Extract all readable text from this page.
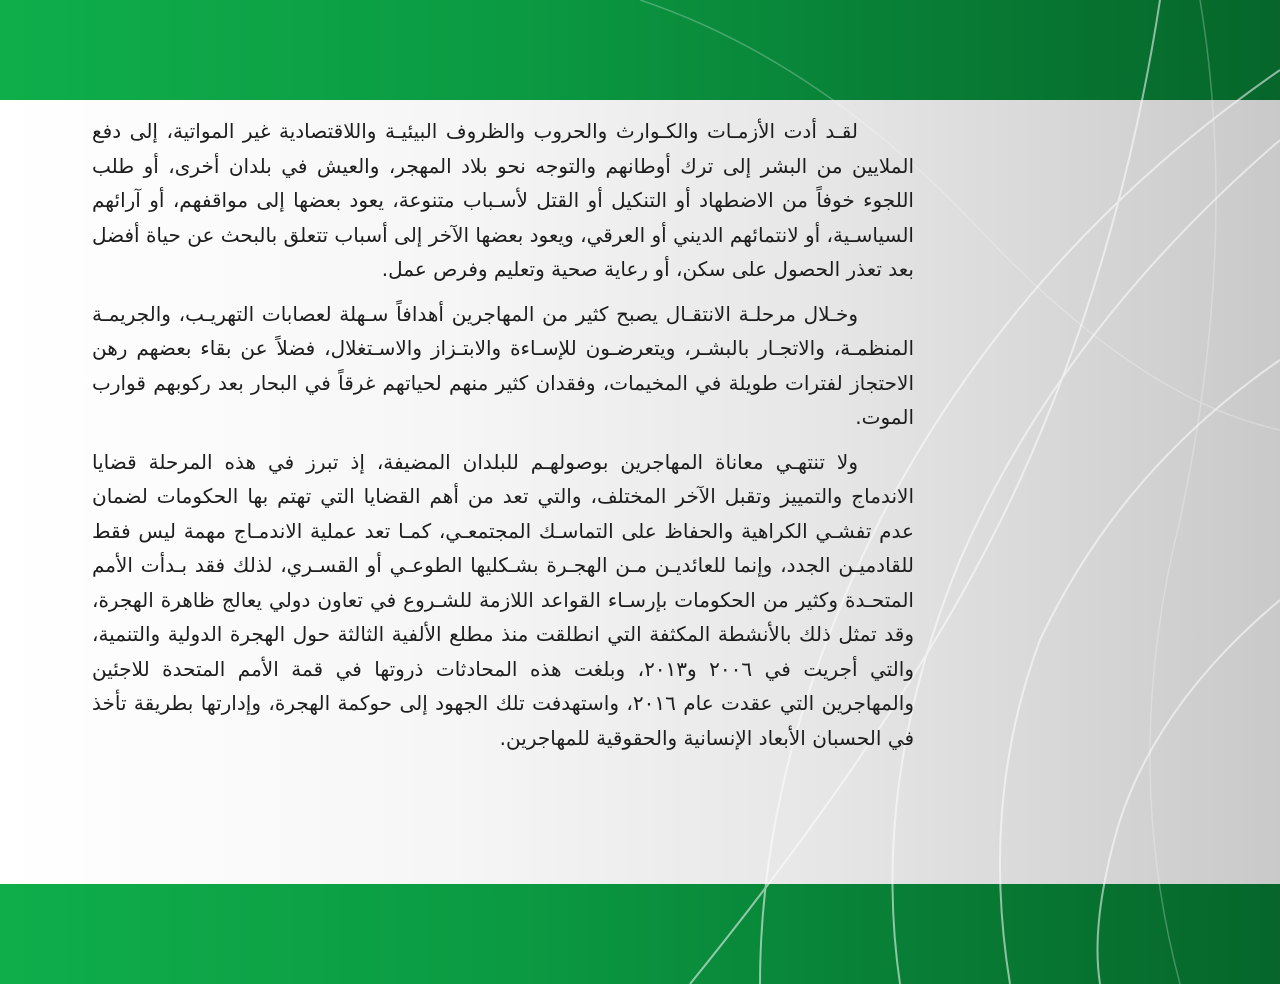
لقـد أدت الأزمـات والكـوارث والحروب والظروف البيئيـة واللاقتصادية غير المواتية، إلى دفع الملايين من البشر إلى ترك أوطانهم والتوجه نحو بلاد المهجر، والعيش في بلدان أخرى، أو طلب اللجوء خوفاً من الاضطهاد أو التنكيل أو القتل لأسـباب متنوعة، يعود بعضها إلى مواقفهم، أو آرائهم السياسـية، أو لانتمائهم الديني أو العرقي، ويعود بعضها الآخر إلى أسباب تتعلق بالبحث عن حياة أفضل بعد تعذر الحصول على سكن، أو رعاية صحية وتعليم وفرص عمل.

وخـلال مرحلـة الانتقـال يصبح كثير من المهاجرين أهدافاً سـهلة لعصابات التهريـب، والجريمـة المنظمـة، والاتجـار بالبشـر، ويتعرضـون للإسـاءة والابتـزاز والاسـتغلال، فضلاً عن بقاء بعضهم رهن الاحتجاز لفترات طويلة في المخيمات، وفقدان كثير منهم لحياتهم غرقاً في البحار بعد ركوبهم قوارب الموت.

ولا تنتهـي معاناة المهاجرين بوصولهـم للبلدان المضيفة، إذ تبرز في هذه المرحلة قضايا الاندماج والتمييز وتقبل الآخر المختلف، والتي تعد من أهم القضايا التي تهتم بها الحكومات لضمان عدم تفشـي الكراهية والحفاظ على التماسـك المجتمعـي، كمـا تعد عملية الاندمـاج مهمة ليس فقط للقادميـن الجدد، وإنما للعائديـن مـن الهجـرة بشـكليها الطوعـي أو القسـري، لذلك فقد بـدأت الأمم المتحـدة وكثير من الحكومات بإرسـاء القواعد اللازمة للشـروع في تعاون دولي يعالج ظاهرة الهجرة، وقد تمثل ذلك بالأنشطة المكثفة التي انطلقت منذ مطلع الألفية الثالثة حول الهجرة الدولية والتنمية، والتي أجريت في ٢٠٠٦ و٢٠١٣، وبلغت هذه المحادثات ذروتها في قمة الأمم المتحدة للاجئين والمهاجرين التي عقدت عام ٢٠١٦، واستهدفت تلك الجهود إلى حوكمة الهجرة، وإدارتها بطريقة تأخذ في الحسبان الأبعاد الإنسانية والحقوقية للمهاجرين.
